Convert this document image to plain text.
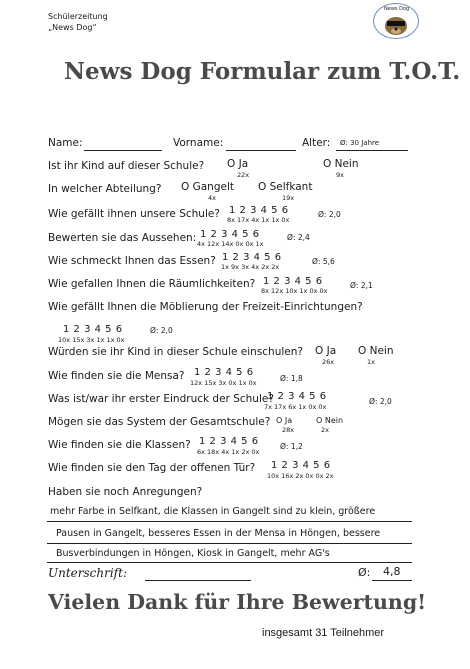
Schülerzeitung
„News Dog“
News Dog
News Dog Formular zum T.O.T.
Name:	Vorname:	Alter: Ø: 30 Jahre
Ist ihr Kind auf dieser Schule? O Ja
22x
O Nein
9x
In welcher Abteilung? O Gangelt
4x
O Selfkant
19x
Wie gefällt ihnen unsere Schule? 1 2 3 4 5 6
8x 17x 4x 1x 1x 0x
Ø: 2,0
Bewerten sie das Aussehen: 1 2 3 4 5 6
4x 12x 14x 0x 0x 1x
Ø: 2,4
Wie schmeckt Ihnen das Essen? 1 2 3 4 5 6
1x 9x 3x 4x 2x 2x
Ø: 5,6
Wie gefallen Ihnen die Räumlichkeiten? 1 2 3 4 5 6
8x 12x 10x 1x 0x 0x
Ø: 2,1
Wie gefällt Ihnen die Möblierung der Freizeit-Einrichtungen?
1 2 3 4 5 6
10x 15x 3x 1x 1x 0x
Ø: 2,0
Würden sie ihr Kind in dieser Schule einschulen? O Ja
26x
O Nein
1x
Wie finden sie die Mensa? 1 2 3 4 5 6
12x 15x 3x 0x 1x 0x	Ø: 1,8
Was ist/war ihr erster Eindruck der Schule?
1 2 3 4 5 6
7x 17x 6x 1x 0x 0x
Ø: 2,0
Mögen sie das System der Gesamtschule? O Ja
28x
O Nein
2x
Wie finden sie die Klassen? 1 2 3 4 5 6
6x 18x 4x 1x 2x 0x
Ø: 1,2
Wie finden sie den Tag der offenen Tür? 1 2 3 4 5 6
10x 16x 2x 0x 0x 2x
Haben sie noch Anregungen?
mehr Farbe in Selfkant, die Klassen in Gangelt sind zu klein, größere
Pausen in Gangelt, besseres Essen in der Mensa in Höngen, bessere
Busverbindungen in Höngen, Kiosk in Gangelt, mehr AG's
Unterschrift:	Ø: 4,8
Vielen Dank für Ihre Bewertung!
insgesamt 31 Teilnehmer
